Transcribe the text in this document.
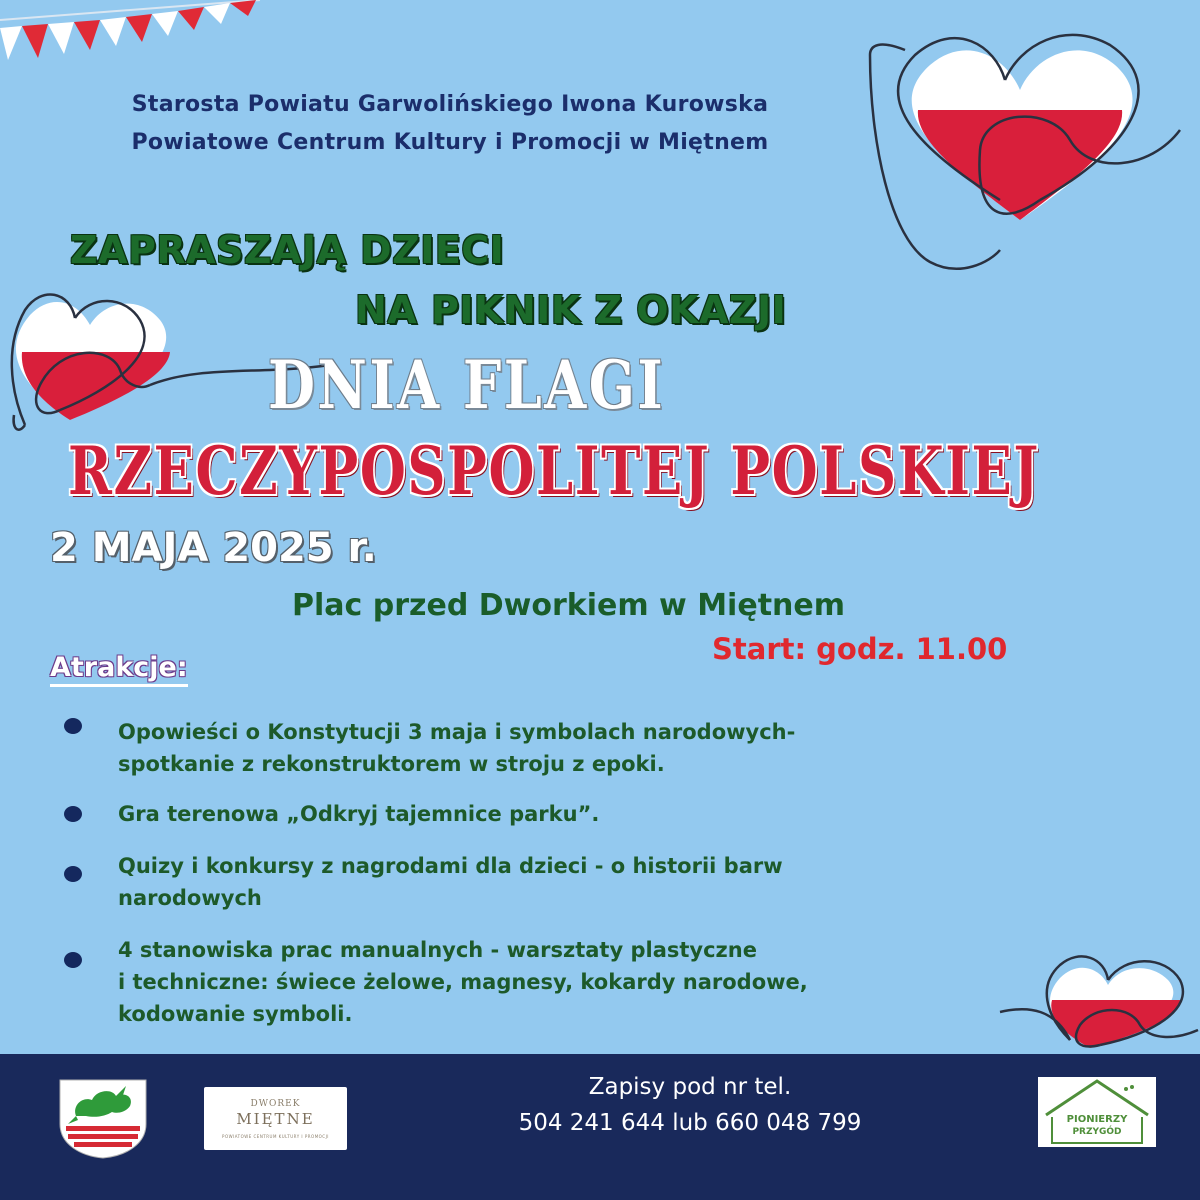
Starosta Powiatu Garwolińskiego Iwona Kurowska
Powiatowe Centrum Kultury i Promocji w Miętnem
ZAPRASZAJĄ DZIECI
NA PIKNIK Z OKAZJI
DNIA FLAGI
RZECZYPOSPOLITEJ POLSKIEJ
2 MAJA 2025 r.
Plac przed Dworkiem w Miętnem
Start: godz. 11.00
Atrakcje:
Opowieści o Konstytucji 3 maja i symbolach narodowych-
spotkanie z rekonstruktorem w stroju z epoki.
Gra terenowa „Odkryj tajemnice parku”.
Quizy i konkursy z nagrodami dla dzieci - o historii barw
narodowych
4 stanowiska prac manualnych - warsztaty plastyczne
i techniczne: świece żelowe, magnesy, kokardy narodowe,
kodowanie symboli.
DWOREK
MIĘTNE
POWIATOWE CENTRUM KULTURY I PROMOCJI
Zapisy pod nr tel.
504 241 644 lub 660 048 799	PIONIERZY
PRZYGÓD
